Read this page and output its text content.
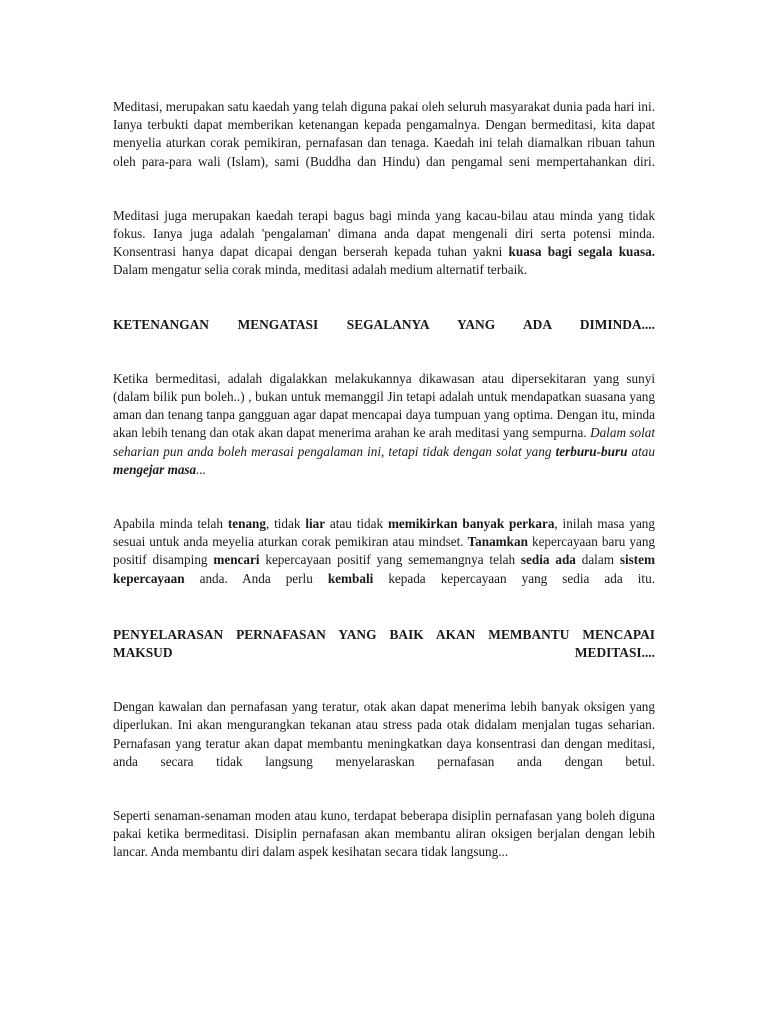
Meditasi, merupakan satu kaedah yang telah diguna pakai oleh seluruh masyarakat dunia pada hari ini. Ianya terbukti dapat memberikan ketenangan kepada pengamalnya. Dengan bermeditasi, kita dapat menyelia aturkan corak pemikiran, pernafasan dan tenaga. Kaedah ini telah diamalkan ribuan tahun oleh para-para wali (Islam), sami (Buddha dan Hindu) dan pengamal seni mempertahankan diri.

Meditasi juga merupakan kaedah terapi bagus bagi minda yang kacau-bilau atau minda yang tidak fokus. Ianya juga adalah 'pengalaman' dimana anda dapat mengenali diri serta potensi minda. Konsentrasi hanya dapat dicapai dengan berserah kepada tuhan yakni kuasa bagi segala kuasa. Dalam mengatur selia corak minda, meditasi adalah medium alternatif terbaik.

KETENANGAN MENGATASI SEGALANYA YANG ADA DIMINDA....

Ketika bermeditasi, adalah digalakkan melakukannya dikawasan atau dipersekitaran yang sunyi (dalam bilik pun boleh..) , bukan untuk memanggil Jin tetapi adalah untuk mendapatkan suasana yang aman dan tenang tanpa gangguan agar dapat mencapai daya tumpuan yang optima. Dengan itu, minda akan lebih tenang dan otak akan dapat menerima arahan ke arah meditasi yang sempurna. Dalam solat seharian pun anda boleh merasai pengalaman ini, tetapi tidak dengan solat yang terburu-buru atau mengejar masa...

Apabila minda telah tenang, tidak liar atau tidak memikirkan banyak perkara, inilah masa yang sesuai untuk anda meyelia aturkan corak pemikiran atau mindset. Tanamkan kepercayaan baru yang positif disamping mencari kepercayaan positif yang sememangnya telah sedia ada dalam sistem kepercayaan anda. Anda perlu kembali kepada kepercayaan yang sedia ada itu.

PENYELARASAN PERNAFASAN YANG BAIK AKAN MEMBANTU MENCAPAI MAKSUD MEDITASI....

Dengan kawalan dan pernafasan yang teratur, otak akan dapat menerima lebih banyak oksigen yang diperlukan. Ini akan mengurangkan tekanan atau stress pada otak didalam menjalan tugas seharian. Pernafasan yang teratur akan dapat membantu meningkatkan daya konsentrasi dan dengan meditasi, anda secara tidak langsung menyelaraskan pernafasan anda dengan betul.

Seperti senaman-senaman moden atau kuno, terdapat beberapa disiplin pernafasan yang boleh diguna pakai ketika bermeditasi. Disiplin pernafasan akan membantu aliran oksigen berjalan dengan lebih lancar. Anda membantu diri dalam aspek kesihatan secara tidak langsung...
